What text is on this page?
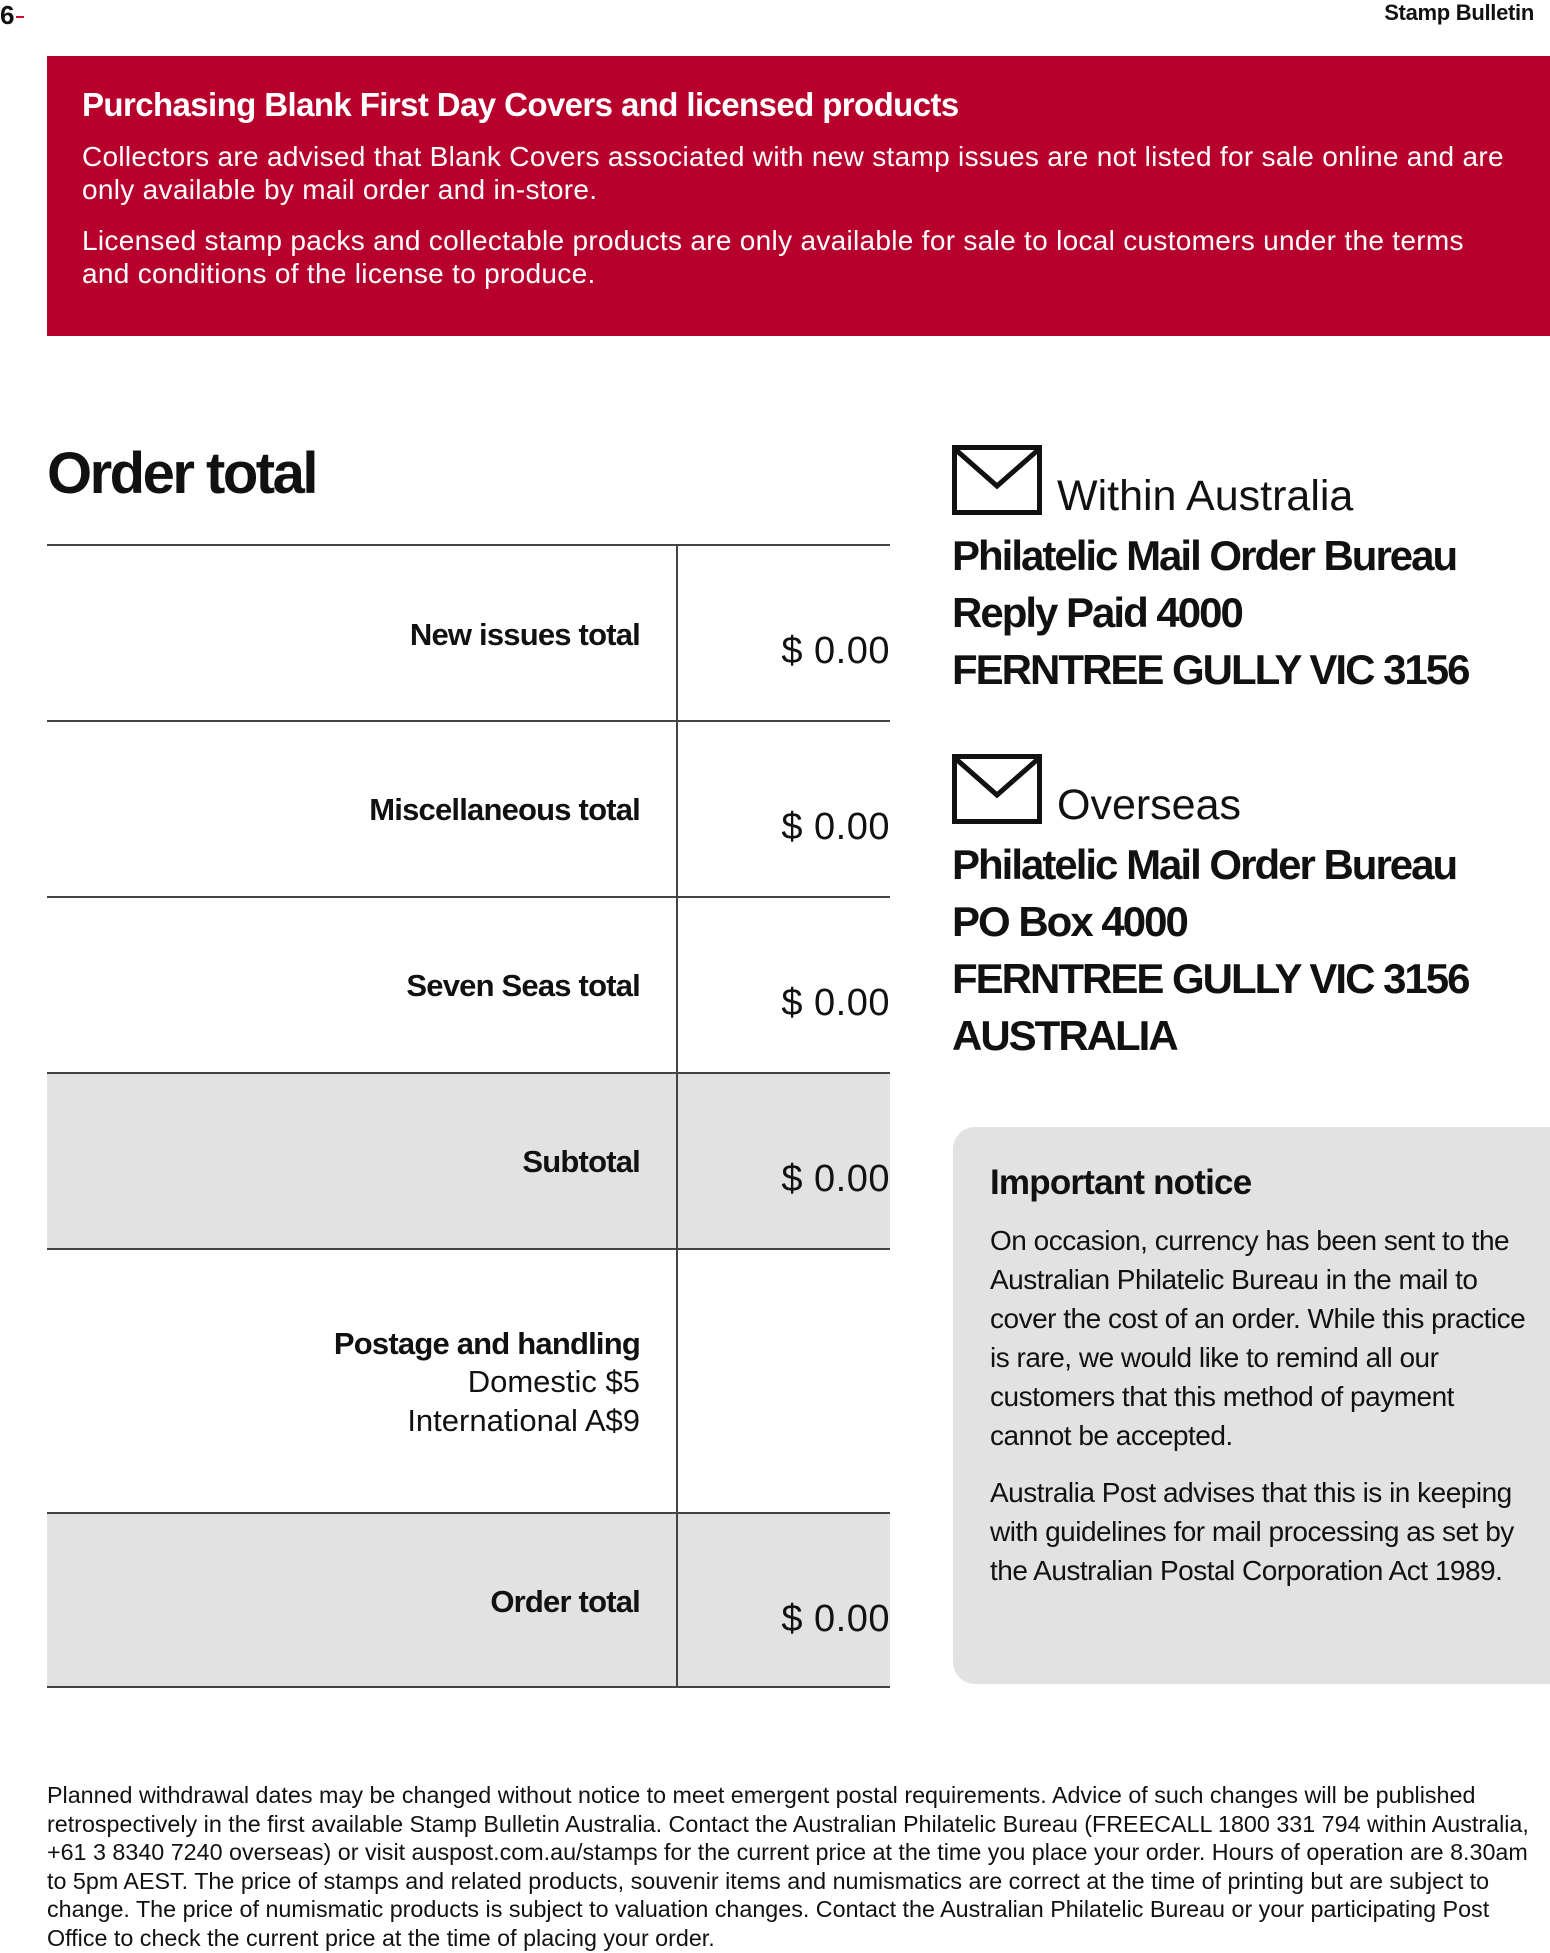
6	Stamp Bulletin
Purchasing Blank First Day Covers and licensed products

Collectors are advised that Blank Covers associated with new stamp issues are not listed for sale online and are only available by mail order and in-store.

Licensed stamp packs and collectable products are only available for sale to local customers under the terms and conditions of the license to produce.

Order total
New issues total	$ 0.00
Miscellaneous total	$ 0.00
Seven Seas total	$ 0.00
Subtotal	$ 0.00
Postage and handling
Domestic $5
International A$9
Order total	$ 0.00
Within Australia
Philatelic Mail Order Bureau
Reply Paid 4000
FERNTREE GULLY VIC 3156
Overseas
Philatelic Mail Order Bureau
PO Box 4000
FERNTREE GULLY VIC 3156
AUSTRALIA
Important notice

On occasion, currency has been sent to the Australian Philatelic Bureau in the mail to cover the cost of an order. While this practice is rare, we would like to remind all our customers that this method of payment cannot be accepted.

Australia Post advises that this is in keeping with guidelines for mail processing as set by the Australian Postal Corporation Act 1989.

Planned withdrawal dates may be changed without notice to meet emergent postal requirements. Advice of such changes will be published retrospectively in the first available Stamp Bulletin Australia. Contact the Australian Philatelic Bureau (FREECALL 1800 331 794 within Australia, +61 3 8340 7240 overseas) or visit auspost.com.au/stamps for the current price at the time you place your order. Hours of operation are 8.30am to 5pm AEST. The price of stamps and related products, souvenir items and numismatics are correct at the time of printing but are subject to change. The price of numismatic products is subject to valuation changes. Contact the Australian Philatelic Bureau or your participating Post Office to check the current price at the time of placing your order.
